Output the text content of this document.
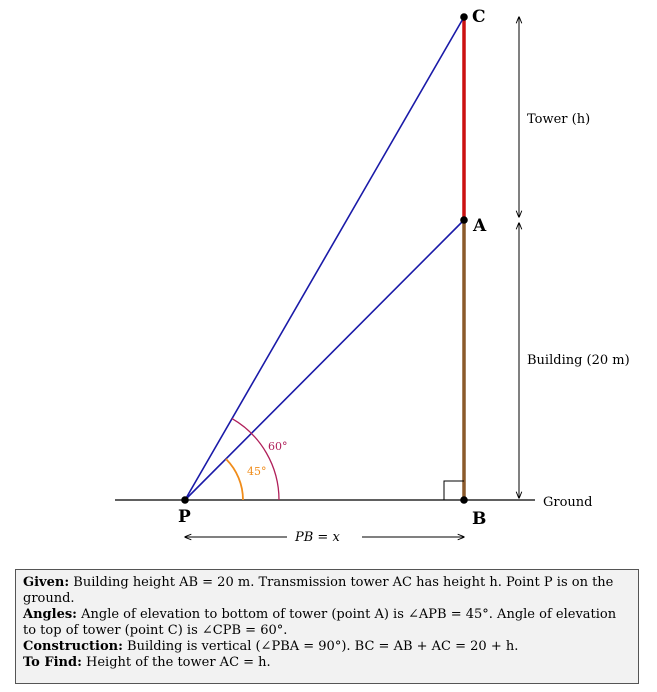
60°
45°
C
A
P	B
Tower (h)
Building (20 m)
Ground
PB = x

Given: Building height AB = 20 m. Transmission tower AC has height h. Point P is on the ground.

Angles: Angle of elevation to bottom of tower (point A) is ∠APB = 45°. Angle of elevation to top of tower (point C) is ∠CPB = 60°.

Construction: Building is vertical (∠PBA = 90°). BC = AB + AC = 20 + h.

To Find: Height of the tower AC = h.
